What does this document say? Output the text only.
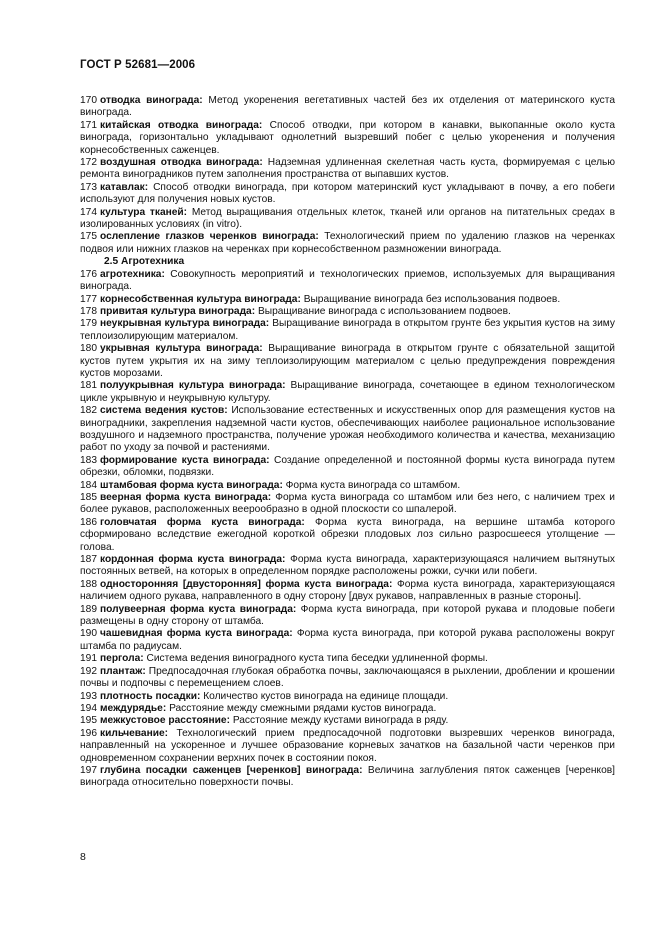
ГОСТ Р 52681—2006

170 отводка винограда: Метод укоренения вегетативных частей без их отделения от материнского куста винограда.

171 китайская отводка винограда: Способ отводки, при котором в канавки, выкопанные около куста винограда, горизонтально укладывают однолетний вызревший побег с целью укоренения и получения корнесобственных саженцев.

172 воздушная отводка винограда: Надземная удлиненная скелетная часть куста, формируемая с целью ремонта виноградников путем заполнения пространства от выпавших кустов.

173 катавлак: Способ отводки винограда, при котором материнский куст укладывают в почву, а его побеги используют для получения новых кустов.

174 культура тканей: Метод выращивания отдельных клеток, тканей или органов на питательных средах в изолированных условиях (in vitro).

175 ослепление глазков черенков винограда: Технологический прием по удалению глазков на черенках подвоя или нижних глазков на черенках при корнесобственном размножении винограда.

2.5 Агротехника

176 агротехника: Совокупность мероприятий и технологических приемов, используемых для выращивания винограда.

177 корнесобственная культура винограда: Выращивание винограда без использования подвоев.

178 привитая культура винограда: Выращивание винограда с использованием подвоев.

179 неукрывная культура винограда: Выращивание винограда в открытом грунте без укрытия кустов на зиму теплоизолирующим материалом.

180 укрывная культура винограда: Выращивание винограда в открытом грунте с обязательной защитой кустов путем укрытия их на зиму теплоизолирующим материалом с целью предупреждения повреждения кустов морозами.

181 полуукрывная культура винограда: Выращивание винограда, сочетающее в едином технологическом цикле укрывную и неукрывную культуру.

182 система ведения кустов: Использование естественных и искусственных опор для размещения кустов на виноградники, закрепления надземной части кустов, обеспечивающих наиболее рациональное использование воздушного и надземного пространства, получение урожая необходимого количества и качества, механизацию работ по уходу за почвой и растениями.

183 формирование куста винограда: Создание определенной и постоянной формы куста винограда путем обрезки, обломки, подвязки.

184 штамбовая форма куста винограда: Форма куста винограда со штамбом.

185 веерная форма куста винограда: Форма куста винограда со штамбом или без него, с наличием трех и более рукавов, расположенных веерообразно в одной плоскости со шпалерой.

186 головчатая форма куста винограда: Форма куста винограда, на вершине штамба которого сформировано вследствие ежегодной короткой обрезки плодовых лоз сильно разросшееся утолщение — голова.

187 кордонная форма куста винограда: Форма куста винограда, характеризующаяся наличием вытянутых постоянных ветвей, на которых в определенном порядке расположены рожки, сучки или побеги.

188 односторонняя [двусторонняя] форма куста винограда: Форма куста винограда, характеризующаяся наличием одного рукава, направленного в одну сторону [двух рукавов, направленных в разные стороны].

189 полувеерная форма куста винограда: Форма куста винограда, при которой рукава и плодовые побеги размещены в одну сторону от штамба.

190 чашевидная форма куста винограда: Форма куста винограда, при которой рукава расположены вокруг штамба по радиусам.

191 пергола: Система ведения виноградного куста типа беседки удлиненной формы.

192 плантаж: Предпосадочная глубокая обработка почвы, заключающаяся в рыхлении, дроблении и крошении почвы и подпочвы с перемещением слоев.

193 плотность посадки: Количество кустов винограда на единице площади.

194 междурядье: Расстояние между смежными рядами кустов винограда.

195 межкустовое расстояние: Расстояние между кустами винограда в ряду.

196 кильчевание: Технологический прием предпосадочной подготовки вызревших черенков винограда, направленный на ускоренное и лучшее образование корневых зачатков на базальной части черенков при одновременном сохранении верхних почек в состоянии покоя.

197 глубина посадки саженцев [черенков] винограда: Величина заглубления пяток саженцев [черенков] винограда относительно поверхности почвы.

8
